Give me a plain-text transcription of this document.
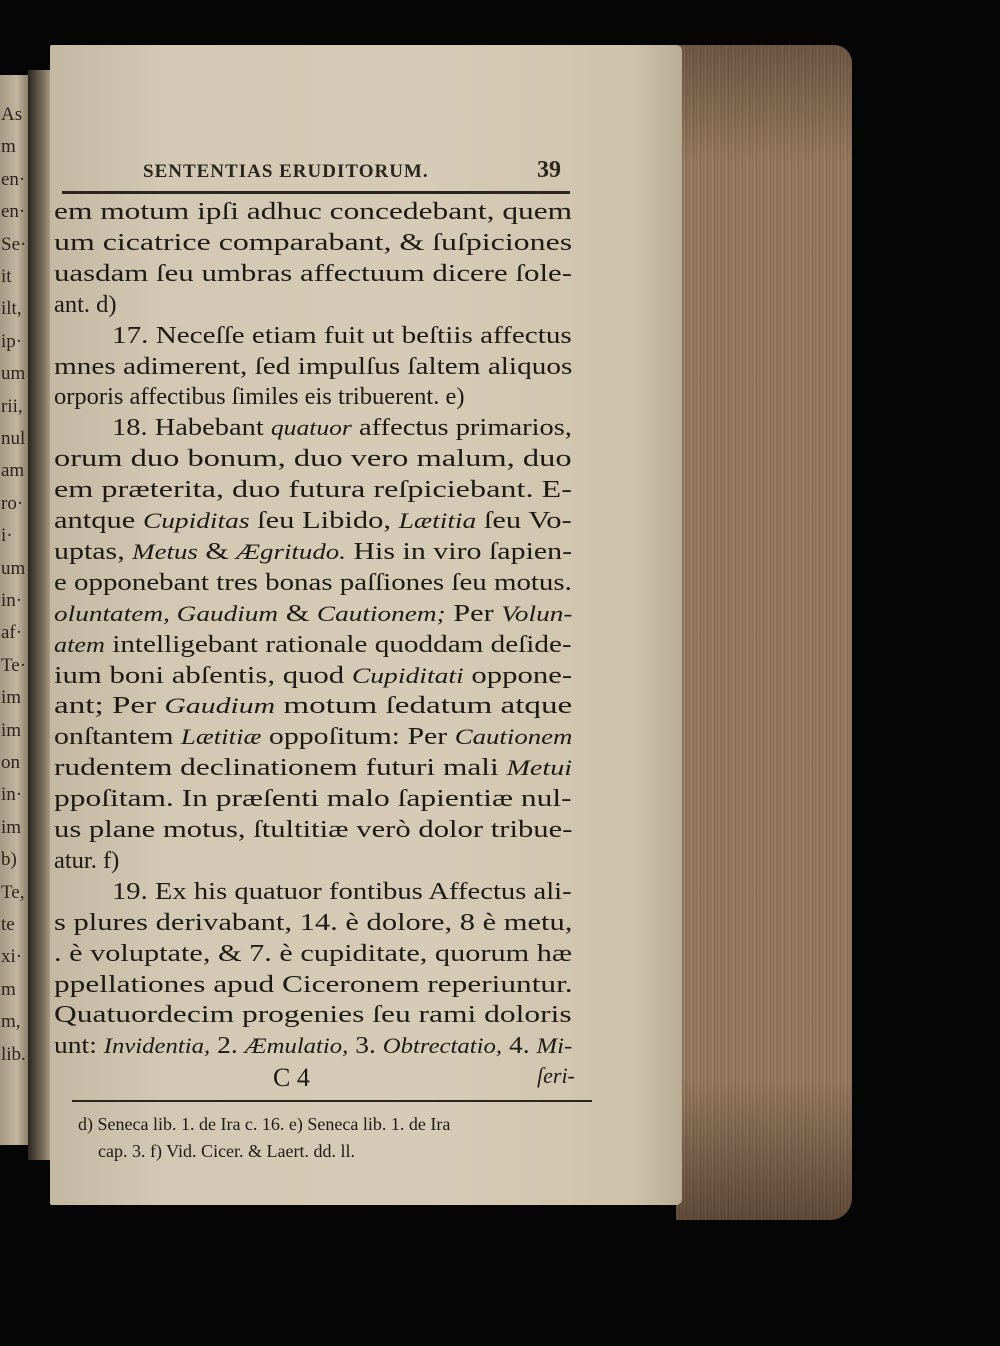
As
m
en·
en·
Se·
it
ilt,
ip·
um
rii,
nul
am
ro·
i·
um
in·
af·
Te·
im
im
on
in·
im
b)
Te,
te
xi·
m
m,
lib.
SENTENTIAS ERUDITORUM.	39
em motum ipſi adhuc concedebant, quem
um cicatrice comparabant, & ſuſpiciones
uasdam ſeu umbras affectuum dicere ſole-
ant. d)
17. Neceſſe etiam fuit ut beſtiis affectus
mnes adimerent, ſed impulſus ſaltem aliquos
orporis affectibus ſimiles eis tribuerent. e)
18. Habebant quatuor affectus primarios,
orum duo bonum, duo vero malum, duo
em præterita, duo futura reſpiciebant. E-
antque Cupiditas ſeu Libido, Lætitia ſeu Vo-
uptas, Metus & Ægritudo. His in viro ſapien-
e opponebant tres bonas paſſiones ſeu motus.
oluntatem, Gaudium & Cautionem; Per Volun-
atem intelligebant rationale quoddam deſide-
ium boni abſentis, quod Cupiditati oppone-
ant; Per Gaudium motum ſedatum atque
onſtantem Lætitiæ oppoſitum: Per Cautionem
rudentem declinationem futuri mali Metui
ppoſitam. In præſenti malo ſapientiæ nul-
us plane motus, ſtultitiæ verò dolor tribue-
atur. f)
19. Ex his quatuor fontibus Affectus ali-
s plures derivabant, 14. è dolore, 8 è metu,
. è voluptate, & 7. è cupiditate, quorum hæ
ppellationes apud Ciceronem reperiuntur.
Quatuordecim progenies ſeu rami doloris
unt: Invidentia, 2. Æmulatio, 3. Obtrectatio, 4. Mi-
C 4	ſeri-
d) Seneca lib. 1. de Ira c. 16. e) Seneca lib. 1. de Ira
cap. 3. f) Vid. Cicer. & Laert. dd. ll.
